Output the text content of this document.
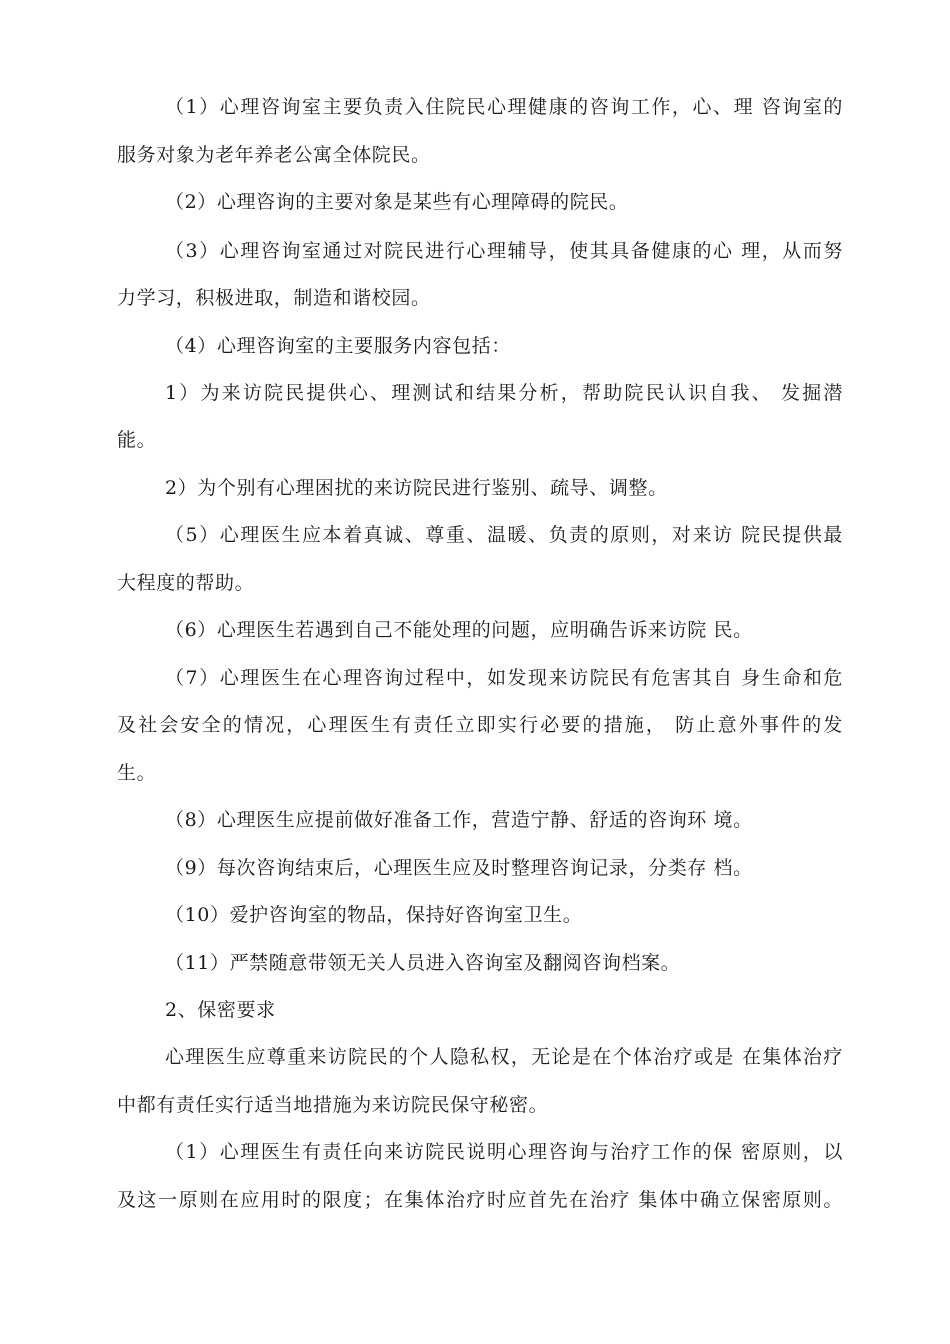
（1）心理咨询室主要负责入住院民心理健康的咨询工作，心、理 咨询室的
服务对象为老年养老公寓全体院民。
（2）心理咨询的主要对象是某些有心理障碍的院民。
（3）心理咨询室通过对院民进行心理辅导，使其具备健康的心 理，从而努
力学习，积极进取，制造和谐校园。
（4）心理咨询室的主要服务内容包括：
1）为来访院民提供心、理测试和结果分析，帮助院民认识自我、 发掘潜
能。
2）为个别有心理困扰的来访院民进行鉴别、疏导、调整。
（5）心理医生应本着真诚、尊重、温暖、负责的原则，对来访 院民提供最
大程度的帮助。
（6）心理医生若遇到自己不能处理的问题，应明确告诉来访院 民。
（7）心理医生在心理咨询过程中，如发现来访院民有危害其自 身生命和危
及社会安全的情况，心理医生有责任立即实行必要的措施， 防止意外事件的发
生。
（8）心理医生应提前做好准备工作，营造宁静、舒适的咨询环 境。
（9）每次咨询结束后，心理医生应及时整理咨询记录，分类存 档。
（10）爱护咨询室的物品，保持好咨询室卫生。
（11）严禁随意带领无关人员进入咨询室及翻阅咨询档案。
2、保密要求
心理医生应尊重来访院民的个人隐私权，无论是在个体治疗或是 在集体治疗
中都有责任实行适当地措施为来访院民保守秘密。
（1）心理医生有责任向来访院民说明心理咨询与治疗工作的保 密原则，以
及这一原则在应用时的限度；在集体治疗时应首先在治疗 集体中确立保密原则。
